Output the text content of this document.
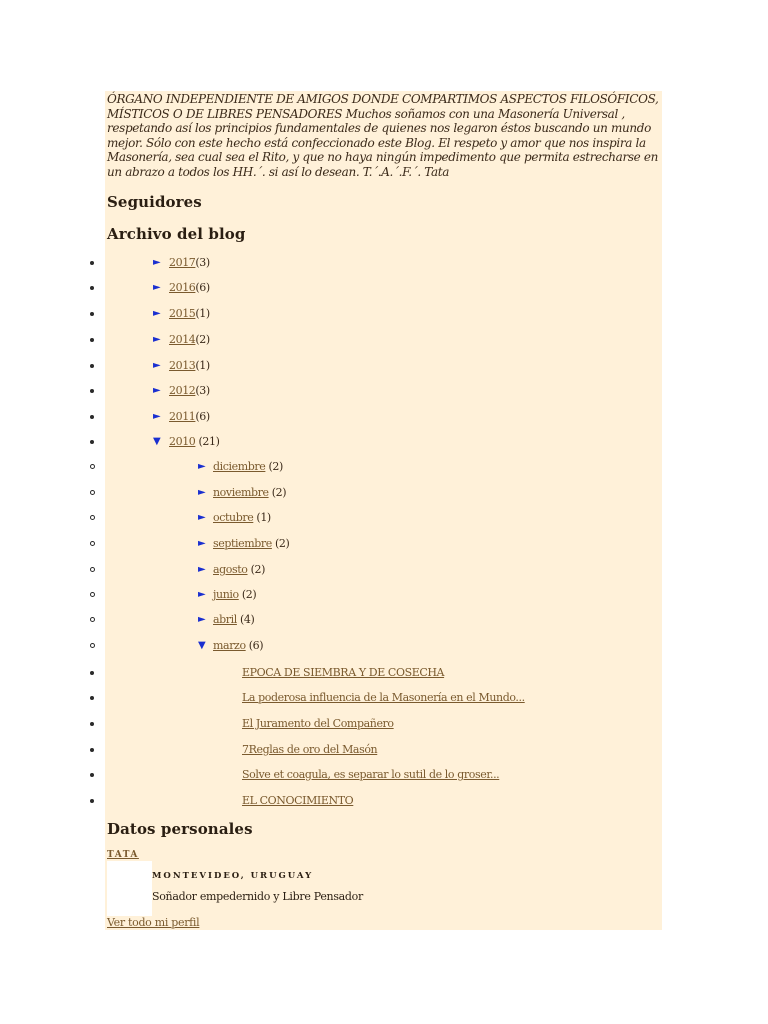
ÓRGANO INDEPENDIENTE DE AMIGOS DONDE COMPARTIMOS ASPECTOS FILOSÓFICOS, MÍSTICOS O DE LIBRES PENSADORES Muchos soñamos con una Masonería Universal , respetando así los principios fundamentales de quienes nos legaron éstos buscando un mundo mejor. Sólo con este hecho está confeccionado este Blog. El respeto y amor que nos inspira la Masonería, sea cual sea el Rito, y que no haya ningún impedimento que permita estrecharse en un abrazo a todos los HH.´. si así lo desean. T.´.A.´.F.´. Tata

Seguidores
Archivo del blog
► 2017(3)
► 2016(6)
► 2015(1)
► 2014(2)
► 2013(1)
► 2012(3)
► 2011(6)
▼ 2010 (21)
► diciembre (2)
► noviembre (2)
► octubre (1)
► septiembre (2)
► agosto (2)
► junio (2)
► abril (4)
▼ marzo (6)
EPOCA DE SIEMBRA Y DE COSECHA
La poderosa influencia de la Masonería en el Mundo...
El Juramento del Compañero
7Reglas de oro del Masón
Solve et coagula, es separar lo sutil de lo groser...
EL CONOCIMIENTO
Datos personales
TATA
MONTEVIDEO, URUGUAY
Soñador empedernido y Libre Pensador
Ver todo mi perfil
